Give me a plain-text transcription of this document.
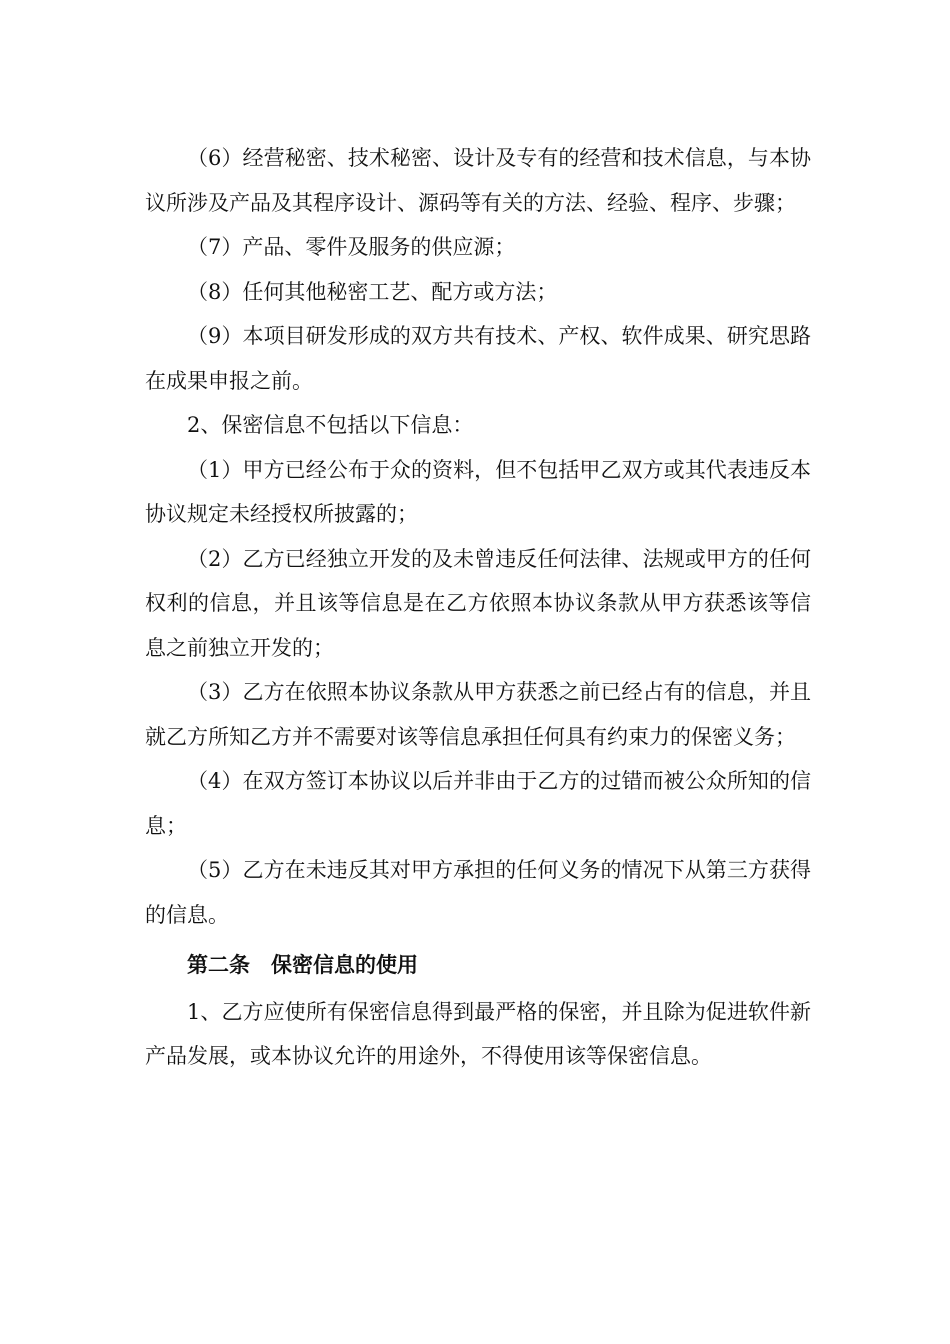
（6）经营秘密、技术秘密、设计及专有的经营和技术信息，与本协议所涉及产品及其程序设计、源码等有关的方法、经验、程序、步骤；

（7）产品、零件及服务的供应源；

（8）任何其他秘密工艺、配方或方法；

（9）本项目研发形成的双方共有技术、产权、软件成果、研究思路在成果申报之前。

2、保密信息不包括以下信息：

（1）甲方已经公布于众的资料，但不包括甲乙双方或其代表违反本协议规定未经授权所披露的；

（2）乙方已经独立开发的及未曾违反任何法律、法规或甲方的任何权利的信息，并且该等信息是在乙方依照本协议条款从甲方获悉该等信息之前独立开发的；

（3）乙方在依照本协议条款从甲方获悉之前已经占有的信息，并且就乙方所知乙方并不需要对该等信息承担任何具有约束力的保密义务；

（4）在双方签订本协议以后并非由于乙方的过错而被公众所知的信息；

（5）乙方在未违反其对甲方承担的任何义务的情况下从第三方获得的信息。

第二条　保密信息的使用

1、乙方应使所有保密信息得到最严格的保密，并且除为促进软件新产品发展，或本协议允许的用途外，不得使用该等保密信息。
